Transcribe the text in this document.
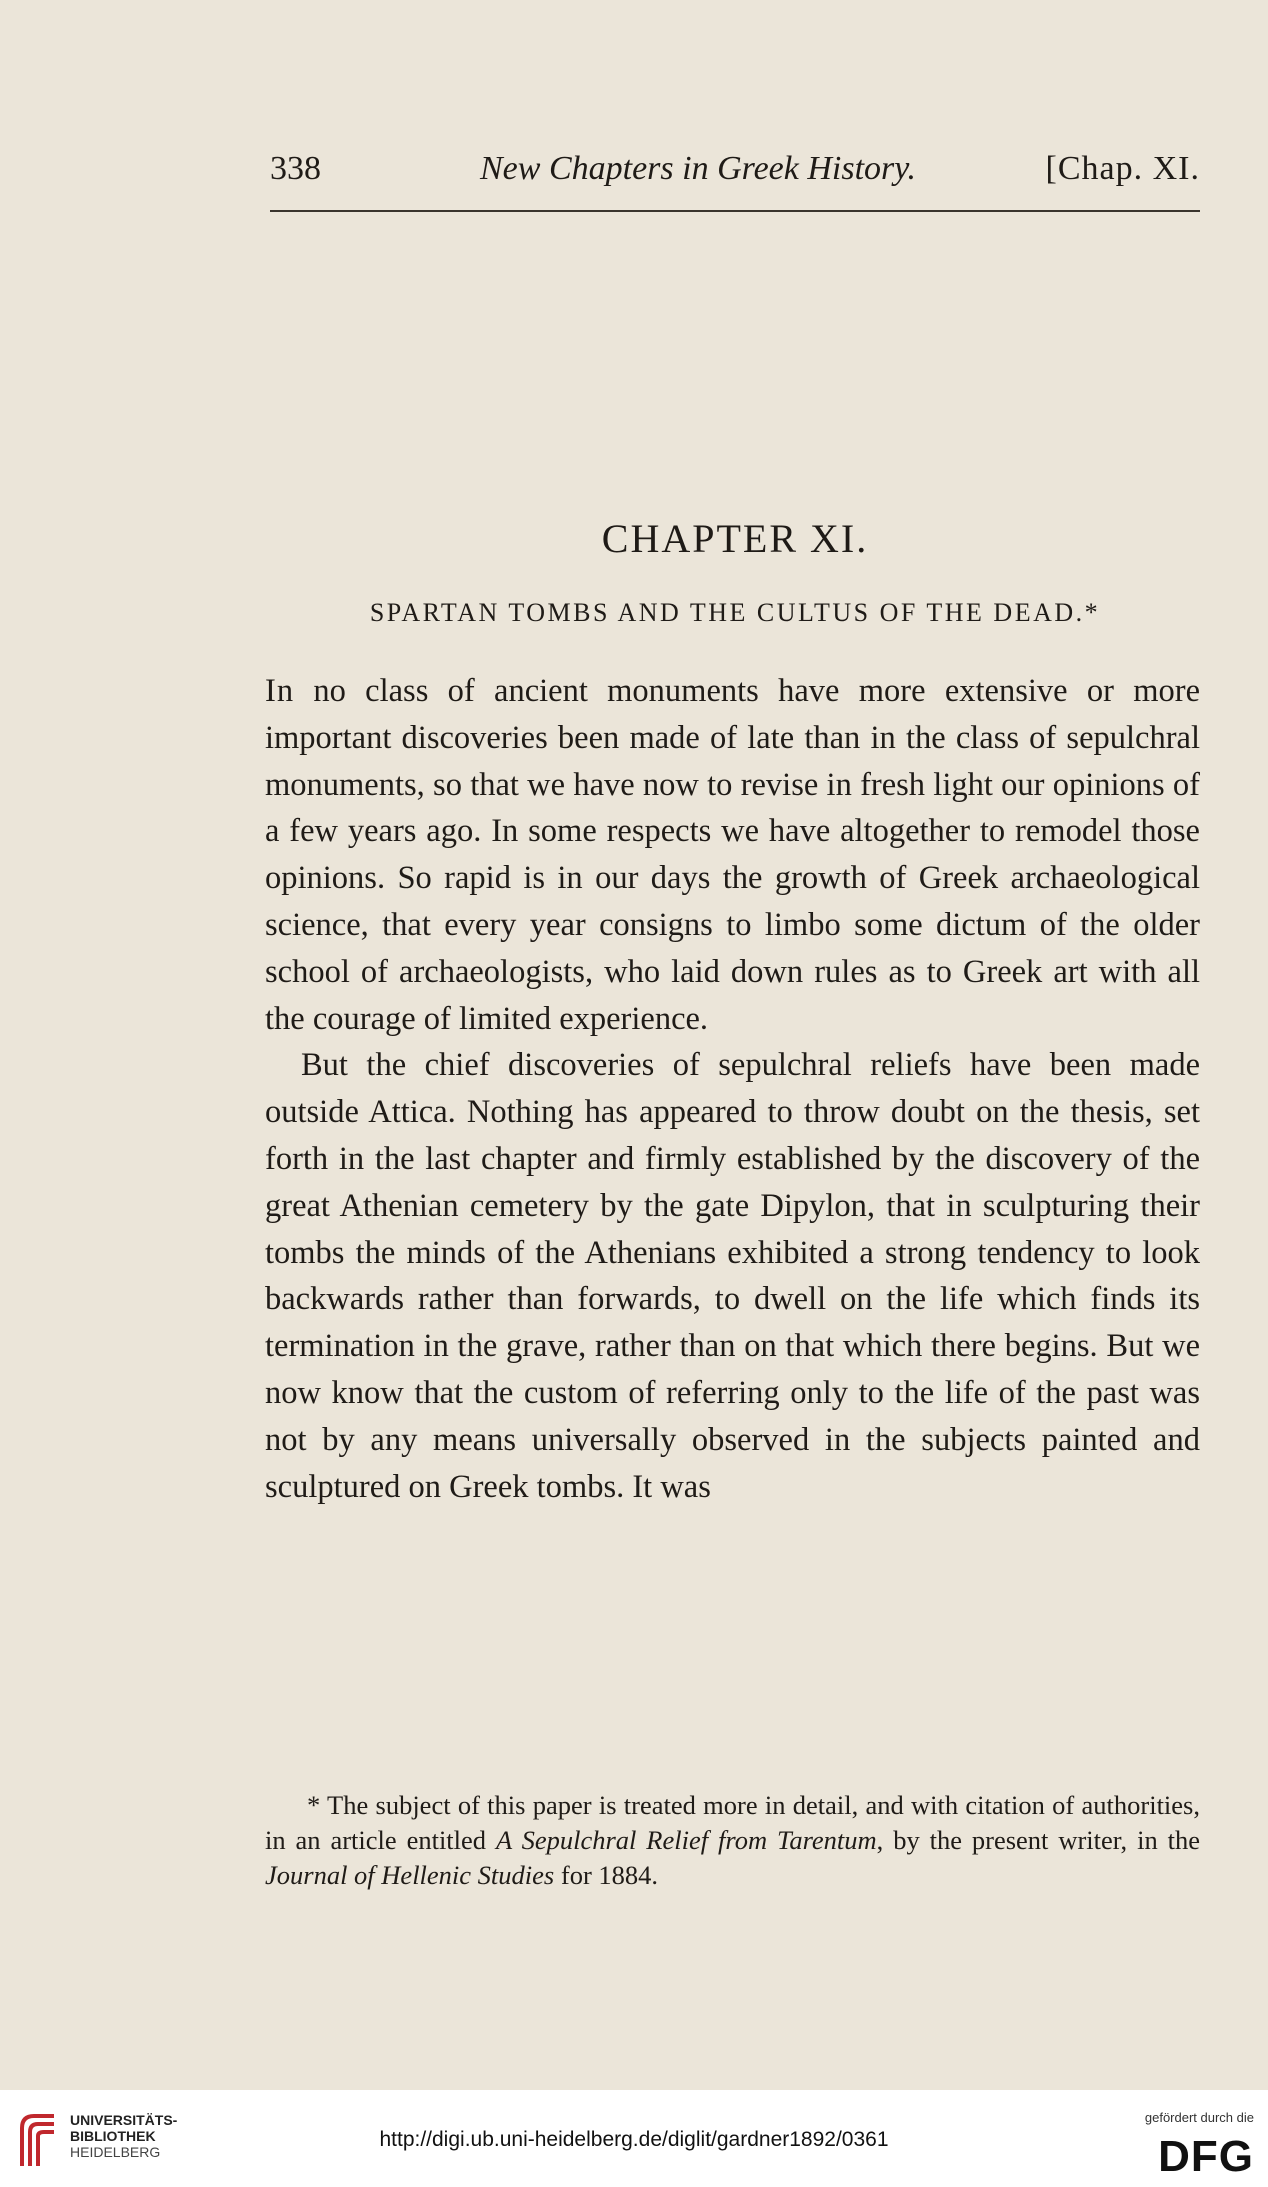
338	New Chapters in Greek History.	[Chap. XI.
CHAPTER XI.
SPARTAN TOMBS AND THE CULTUS OF THE DEAD.*

In no class of ancient monuments have more extensive or more important discoveries been made of late than in the class of sepulchral monuments, so that we have now to revise in fresh light our opinions of a few years ago. In some respects we have altogether to remodel those opinions. So rapid is in our days the growth of Greek archaeological science, that every year consigns to limbo some dictum of the older school of archaeologists, who laid down rules as to Greek art with all the courage of limited experience.

But the chief discoveries of sepulchral reliefs have been made outside Attica. Nothing has appeared to throw doubt on the thesis, set forth in the last chapter and firmly established by the discovery of the great Athenian cemetery by the gate Dipylon, that in sculpturing their tombs the minds of the Athenians exhibited a strong tendency to look backwards rather than forwards, to dwell on the life which finds its termination in the grave, rather than on that which there begins. But we now know that the custom of referring only to the life of the past was not by any means universally observed in the subjects painted and sculptured on Greek tombs. It was

* The subject of this paper is treated more in detail, and with citation of authorities, in an article entitled A Sepulchral Relief from Tarentum, by the present writer, in the Journal of Hellenic Studies for 1884.

UNIVERSITÄTS-
BIBLIOTHEK
HEIDELBERG
http://digi.ub.uni-heidelberg.de/diglit/gardner1892/0361
gefördert durch die
DFG
